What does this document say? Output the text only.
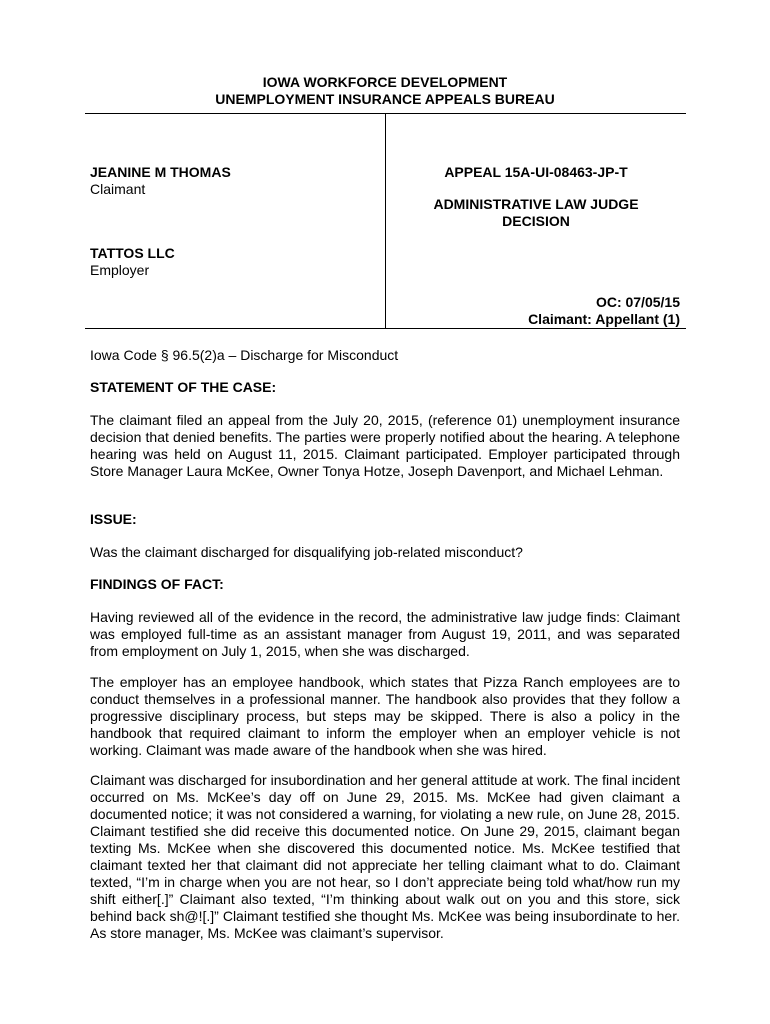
IOWA WORKFORCE DEVELOPMENT
UNEMPLOYMENT INSURANCE APPEALS BUREAU
JEANINE M THOMAS
Claimant
TATTOS LLC
Employer
APPEAL 15A-UI-08463-JP-T
ADMINISTRATIVE LAW JUDGE
DECISION
OC: 07/05/15
Claimant: Appellant (1)
Iowa Code § 96.5(2)a – Discharge for Misconduct
STATEMENT OF THE CASE:
The claimant filed an appeal from the July 20, 2015, (reference 01) unemployment insurance decision that denied benefits. The parties were properly notified about the hearing. A telephone hearing was held on August 11, 2015. Claimant participated. Employer participated through Store Manager Laura McKee, Owner Tonya Hotze, Joseph Davenport, and Michael Lehman.
ISSUE:
Was the claimant discharged for disqualifying job-related misconduct?
FINDINGS OF FACT:
Having reviewed all of the evidence in the record, the administrative law judge finds: Claimant was employed full-time as an assistant manager from August 19, 2011, and was separated from employment on July 1, 2015, when she was discharged.
The employer has an employee handbook, which states that Pizza Ranch employees are to conduct themselves in a professional manner. The handbook also provides that they follow a progressive disciplinary process, but steps may be skipped. There is also a policy in the handbook that required claimant to inform the employer when an employer vehicle is not working. Claimant was made aware of the handbook when she was hired.
Claimant was discharged for insubordination and her general attitude at work. The final incident occurred on Ms. McKee’s day off on June 29, 2015. Ms. McKee had given claimant a documented notice; it was not considered a warning, for violating a new rule, on June 28, 2015. Claimant testified she did receive this documented notice. On June 29, 2015, claimant began texting Ms. McKee when she discovered this documented notice. Ms. McKee testified that claimant texted her that claimant did not appreciate her telling claimant what to do. Claimant texted, “I’m in charge when you are not hear, so I don’t appreciate being told what/how run my shift either[.]” Claimant also texted, “I’m thinking about walk out on you and this store, sick behind back sh@![.]” Claimant testified she thought Ms. McKee was being insubordinate to her. As store manager, Ms. McKee was claimant’s supervisor.
